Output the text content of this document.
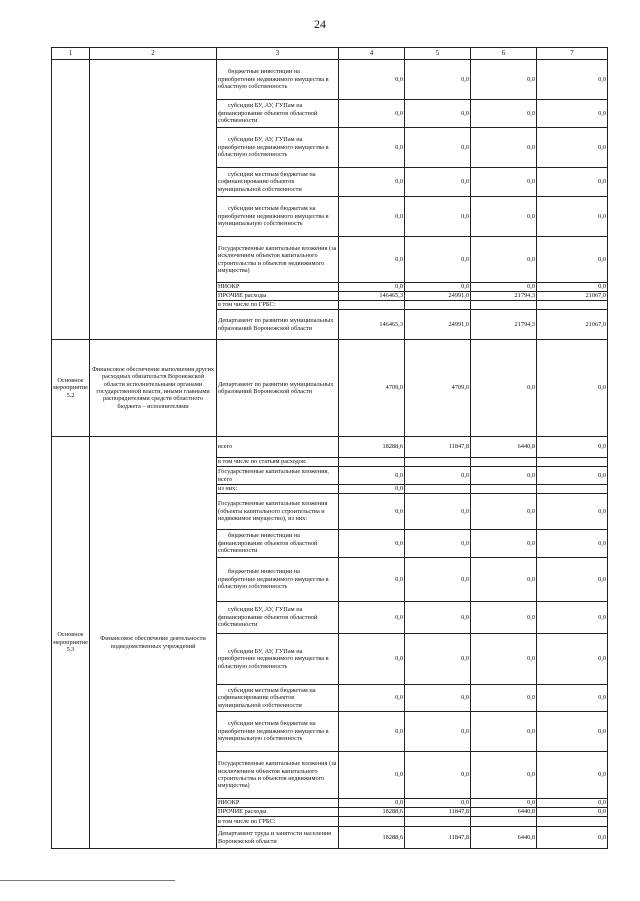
24
1	2	3	4	5	6	7
		бюджетные инвестиции на приобретение недвижимого имущества в областную собственность	0,0	0,0	0,0	0,0
		субсидии БУ, АУ, ГУПам на финансирование объектов областной собственности	0,0	0,0	0,0	0,0
		субсидии БУ, АУ, ГУПам на приобретение недвижимого имущества в областную собственность	0,0	0,0	0,0	0,0
		субсидии местным бюджетам на софинансирование объектов муниципальной собственности	0,0	0,0	0,0	0,0
		субсидии местным бюджетам на приобретение недвижимого имущества в муниципальную собственность	0,0	0,0	0,0	0,0
		Государственные капитальные вложения (за исключением объектов капитального строительства и объектов недвижимого имущества)	0,0	0,0	0,0	0,0
		НИОКР	0,0	0,0	0,0	0,0
		ПРОЧИЕ расходы	146465,3	24991,0	21794,3	21067,0
		в том числе по ГРБС:				
		Департамент по развитию муниципальных образований Воронежской области	146465,3	24991,0	21794,3	21067,0
Основное мероприятие 5.2	Финансовое обеспечение выполнения других расходных обязательств Воронежской области исполнительными органами государственной власти, иными главными распорядителями средств областного бюджета – исполнителями	Департамент по развитию муниципальных образований Воронежской области	4709,0	4709,0	0,0	0,0
Основное мероприятие 5.3	Финансовое обеспечение деятельности подведомственных учреждений	всего	18288,6	11847,8	6440,8	0,0
		в том числе по статьям расходов:				
		Государственные капитальные вложения, всего	0,0	0,0	0,0	0,0
		из них:	0,0			
		Государственные капитальные вложения (объекты капитального строительства и недвижимое имущество), из них:	0,0	0,0	0,0	0,0
		бюджетные инвестиции на финансирование объектов областной собственности	0,0	0,0	0,0	0,0
		бюджетные инвестиции на приобретение недвижимого имущества в областную собственность	0,0	0,0	0,0	0,0
		субсидии БУ, АУ, ГУПам на финансирование объектов областной собственности	0,0	0,0	0,0	0,0
		субсидии БУ, АУ, ГУПам на приобретение недвижимого имущества в областную собственность	0,0	0,0	0,0	0,0
		субсидии местным бюджетам на софинансирование объектов муниципальной собственности	0,0	0,0	0,0	0,0
		субсидии местным бюджетам на приобретение недвижимого имущества в муниципальную собственность	0,0	0,0	0,0	0,0
		Государственные капитальные вложения (за исключением объектов капитального строительства и объектов недвижимого имущества)	0,0	0,0	0,0	0,0
		НИОКР	0,0	0,0	0,0	0,0
		ПРОЧИЕ расходы	18288,6	11847,8	6440,8	0,0
		в том числе по ГРБС:				
		Департамент труда и занятости населения Воронежской области	18288,6	11847,8	6440,8	0,0
